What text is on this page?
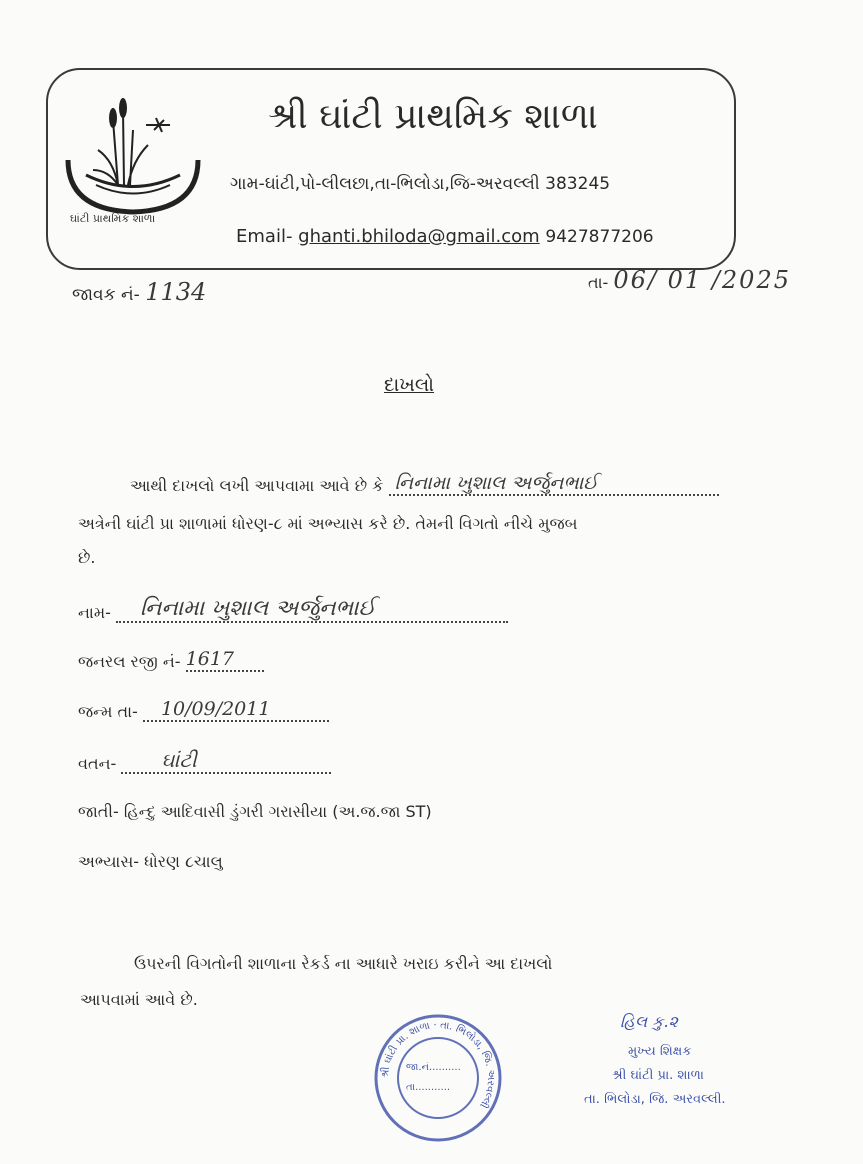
ઘાંટી પ્રાથમિક શાળા
શ્રી ઘાંટી પ્રાથમિક શાળા
ગામ-ઘાંટી,પો-લીલછા,તા-ભિલોડા,જિ-અરવલ્લી 383245
Email- ghanti.bhiloda@gmail.com 9427877206
જાવક નં- 1134	તા- 06/ 01 /2025
દાખલો
આથી દાખલો લખી આપવામા આવે છે કે નિનામા ખુશાલ અર્જુનભાઈ
અત્રેની ઘાંટી પ્રા શાળામાં ધોરણ-૮ માં અભ્યાસ કરે છે. તેમની વિગતો નીચે મુજબ
છે.
નામ- નિનામા ખુશાલ અર્જુનભાઈ
જનરલ રજી નં- 1617
જન્મ તા- 10/09/2011
વતન- ઘાંટી
જાતી- હિન્દુ આદિવાસી ડુંગરી ગરાસીયા (અ.જ.જા ST)
અભ્યાસ- ધોરણ ૮ચાલુ
ઉપરની વિગતોની શાળાના રેકર્ડ ના આધારે ખરાઇ કરીને આ દાખલો
આપવામાં આવે છે.
શ્રી ઘાંટી પ્રા. શાળા · તા. ભિલોડા, જિ. અરવલ્લી
જા.નં..........
તા...........
હિલ કુ.૨
મુખ્ય શિક્ષક
શ્રી ઘાંટી પ્રા. શાળા
તા. ભિલોડા, જિ. અરવલ્લી.
